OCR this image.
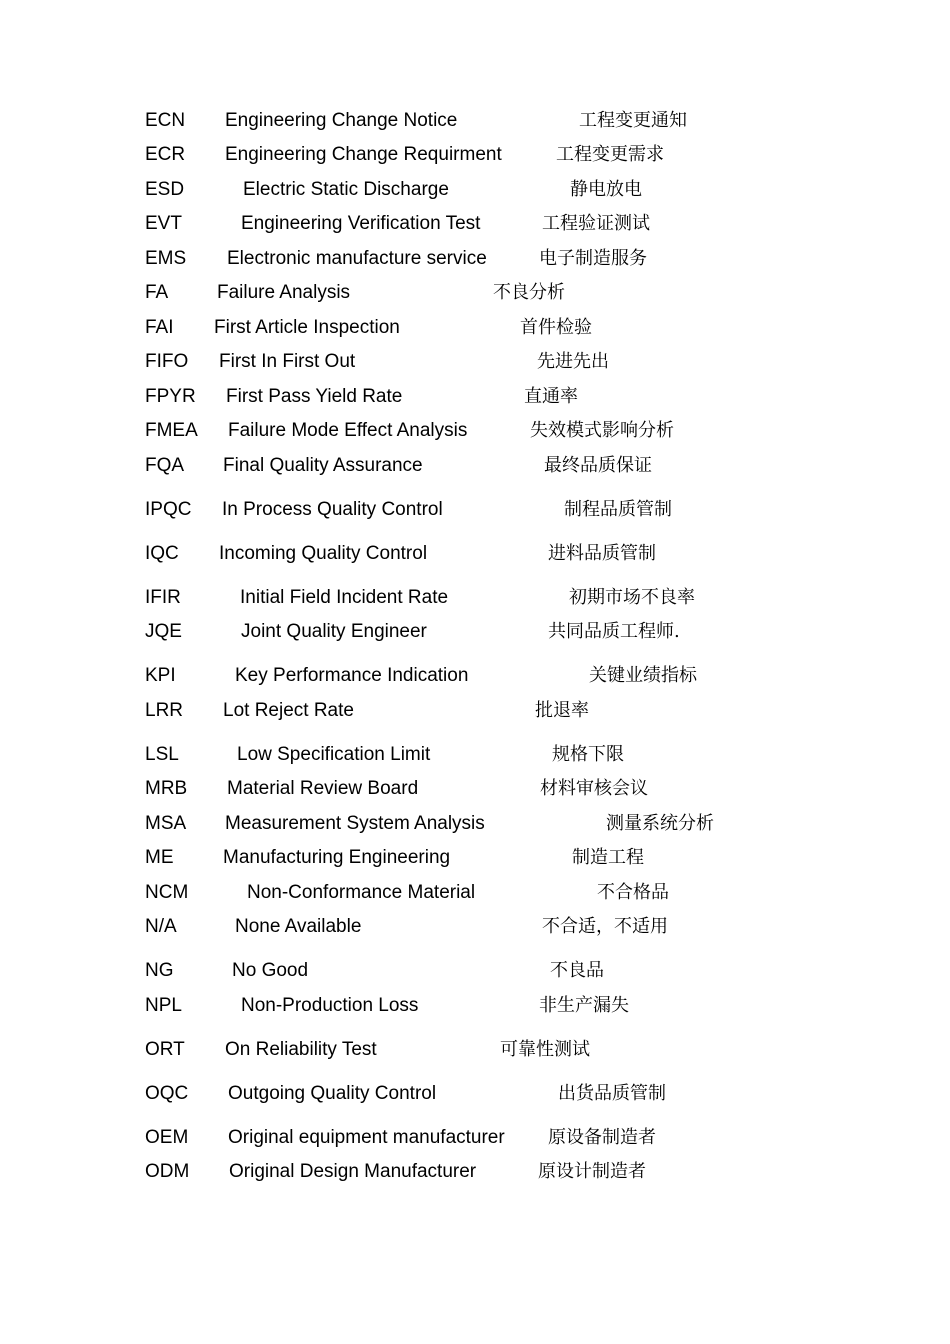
ECN Engineering Change Notice	工程变更通知
ECR Engineering Change Requirment	工程变更需求
ESD	Electric Static Discharge	静电放电
EVT	Engineering Verification Test	工程验证测试
EMS Electronic manufacture service	电子制造服务
FA	Failure Analysis	不良分析
FAI First Article Inspection	首件检验
FIFO First In First Out	先进先出
FPYR First Pass Yield Rate	直通率
FMEA Failure Mode Effect Analysis	失效模式影响分析
FQA Final Quality Assurance	最终品质保证
IPQC In Process Quality Control	制程品质管制
IQC Incoming Quality Control	进料品质管制
IFIR	Initial Field Incident Rate	初期市场不良率
JQE	Joint Quality Engineer	共同品质工程师.
KPI	Key Performance Indication	关键业绩指标
LRR Lot Reject Rate	批退率
LSL	Low Specification Limit	规格下限
MRB Material Review Board	材料审核会议
MSA Measurement System Analysis	测量系统分析
ME	Manufacturing Engineering	制造工程
NCM	Non-Conformance Material	不合格品
N/A	None Available	不合适，不适用
NG	No Good	不良品
NPL	Non-Production Loss	非生产漏失
ORT On Reliability Test	可靠性测试
OQC Outgoing Quality Control	出货品质管制
OEM Original equipment manufacturer 原设备制造者
ODM Original Design Manufacturer	原设计制造者
